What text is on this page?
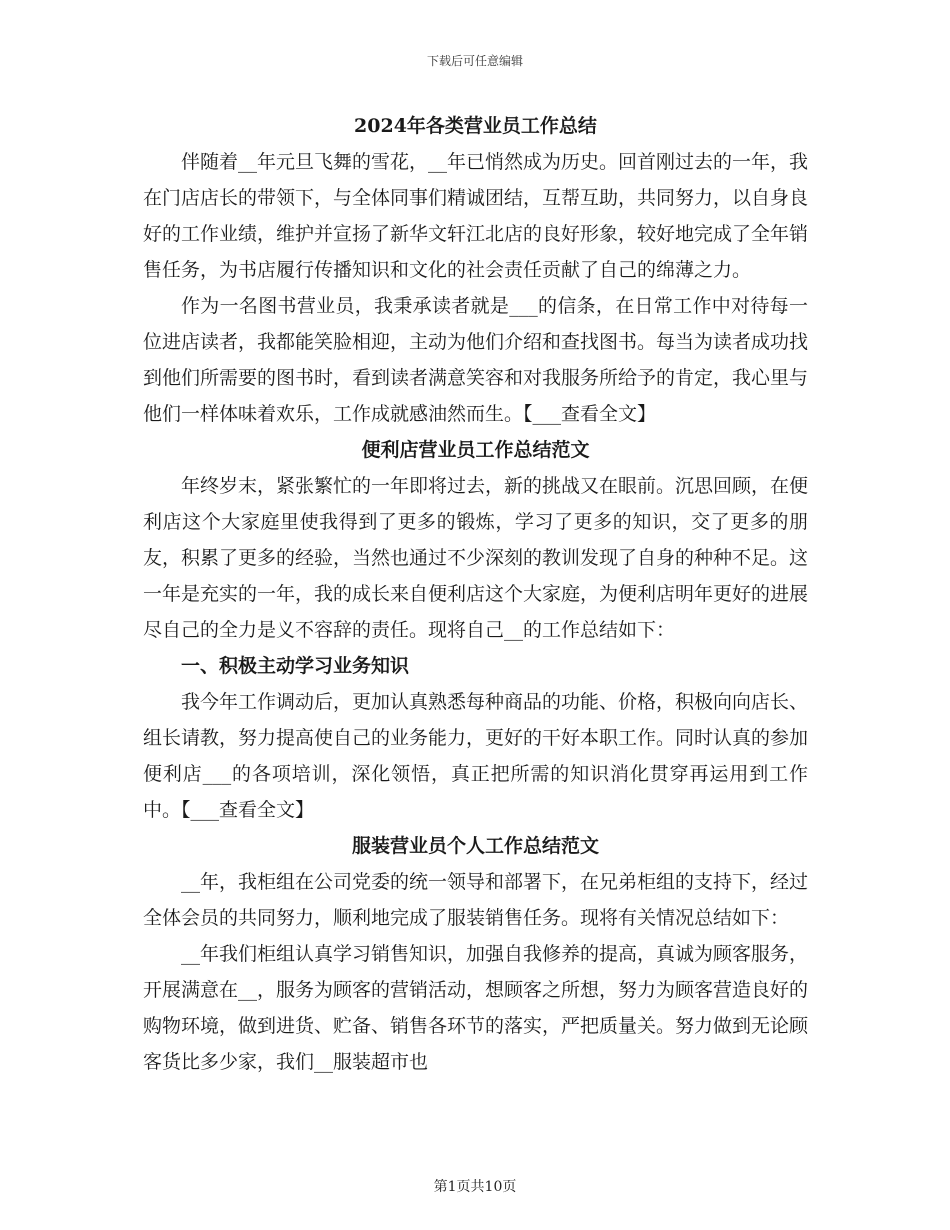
下载后可任意编辑
2024年各类营业员工作总结

伴随着__年元旦飞舞的雪花，__年已悄然成为历史。回首刚过去的一年，我在门店店长的带领下，与全体同事们精诚团结，互帮互助，共同努力，以自身良好的工作业绩，维护并宣扬了新华文轩江北店的良好形象，较好地完成了全年销售任务，为书店履行传播知识和文化的社会责任贡献了自己的绵薄之力。

作为一名图书营业员，我秉承读者就是___的信条，在日常工作中对待每一位进店读者，我都能笑脸相迎，主动为他们介绍和查找图书。每当为读者成功找到他们所需要的图书时，看到读者满意笑容和对我服务所给予的肯定，我心里与他们一样体味着欢乐，工作成就感油然而生。【___查看全文】

便利店营业员工作总结范文

年终岁末，紧张繁忙的一年即将过去，新的挑战又在眼前。沉思回顾，在便利店这个大家庭里使我得到了更多的锻炼，学习了更多的知识，交了更多的朋友，积累了更多的经验，当然也通过不少深刻的教训发现了自身的种种不足。这一年是充实的一年，我的成长来自便利店这个大家庭，为便利店明年更好的进展尽自己的全力是义不容辞的责任。现将自己__的工作总结如下：

一、积极主动学习业务知识

我今年工作调动后，更加认真熟悉每种商品的功能、价格，积极向向店长、组长请教，努力提高使自己的业务能力，更好的干好本职工作。同时认真的参加便利店___的各项培训，深化领悟，真正把所需的知识消化贯穿再运用到工作中。【___查看全文】

服装营业员个人工作总结范文

__年，我柜组在公司党委的统一领导和部署下，在兄弟柜组的支持下，经过全体会员的共同努力，顺利地完成了服装销售任务。现将有关情况总结如下：

__年我们柜组认真学习销售知识，加强自我修养的提高，真诚为顾客服务，开展满意在__，服务为顾客的营销活动，想顾客之所想，努力为顾客营造良好的购物环境，做到进货、贮备、销售各环节的落实，严把质量关。努力做到无论顾客货比多少家，我们__服装超市也

第1页共10页
